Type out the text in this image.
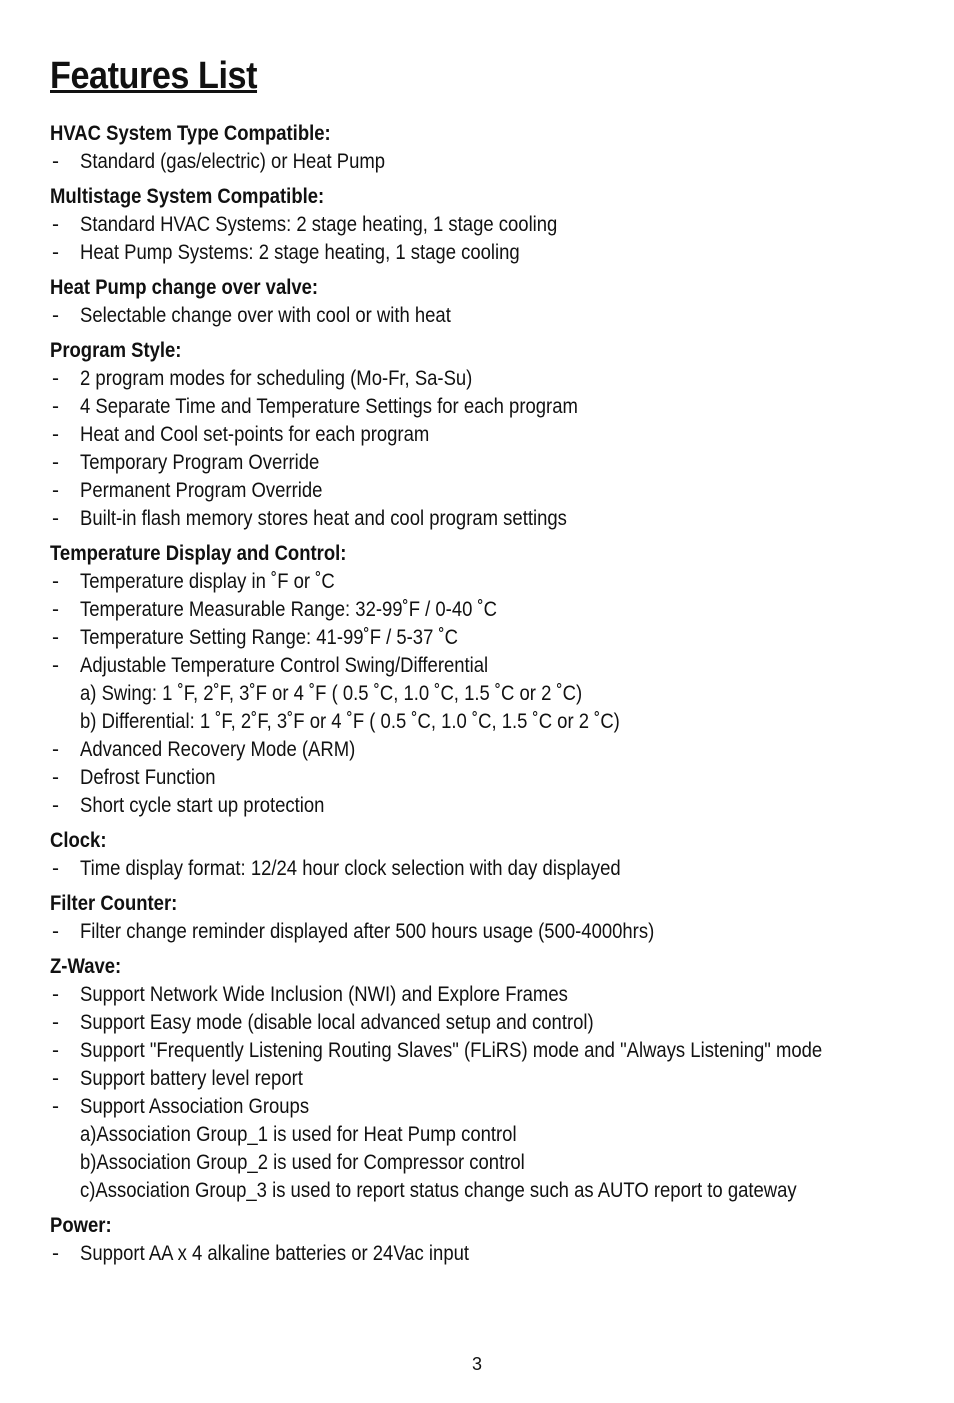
Features List
HVAC System Type Compatible:
- Standard (gas/electric) or Heat Pump
Multistage System Compatible:
- Standard HVAC Systems: 2 stage heating, 1 stage cooling
- Heat Pump Systems: 2 stage heating, 1 stage cooling
Heat Pump change over valve:
- Selectable change over with cool or with heat
Program Style:
- 2 program modes for scheduling (Mo-Fr, Sa-Su)
- 4 Separate Time and Temperature Settings for each program
- Heat and Cool set-points for each program
- Temporary Program Override
- Permanent Program Override
- Built-in flash memory stores heat and cool program settings
Temperature Display and Control:
- Temperature display in ˚F or ˚C
- Temperature Measurable Range: 32-99˚F / 0-40 ˚C
- Temperature Setting Range: 41-99˚F / 5-37 ˚C
- Adjustable Temperature Control Swing/Differential
a) Swing: 1 ˚F, 2˚F, 3˚F or 4 ˚F ( 0.5 ˚C, 1.0 ˚C, 1.5 ˚C or 2 ˚C)
b) Differential: 1 ˚F, 2˚F, 3˚F or 4 ˚F ( 0.5 ˚C, 1.0 ˚C, 1.5 ˚C or 2 ˚C)
- Advanced Recovery Mode (ARM)
- Defrost Function
- Short cycle start up protection
Clock:
- Time display format: 12/24 hour clock selection with day displayed
Filter Counter:
- Filter change reminder displayed after 500 hours usage (500-4000hrs)
Z-Wave:
- Support Network Wide Inclusion (NWI) and Explore Frames
- Support Easy mode (disable local advanced setup and control)
- Support "Frequently Listening Routing Slaves" (FLiRS) mode and "Always Listening" mode
- Support battery level report
- Support Association Groups
a)Association Group_1 is used for Heat Pump control
b)Association Group_2 is used for Compressor control
c)Association Group_3 is used to report status change such as AUTO report to gateway
Power:
- Support AA x 4 alkaline batteries or 24Vac input
3
